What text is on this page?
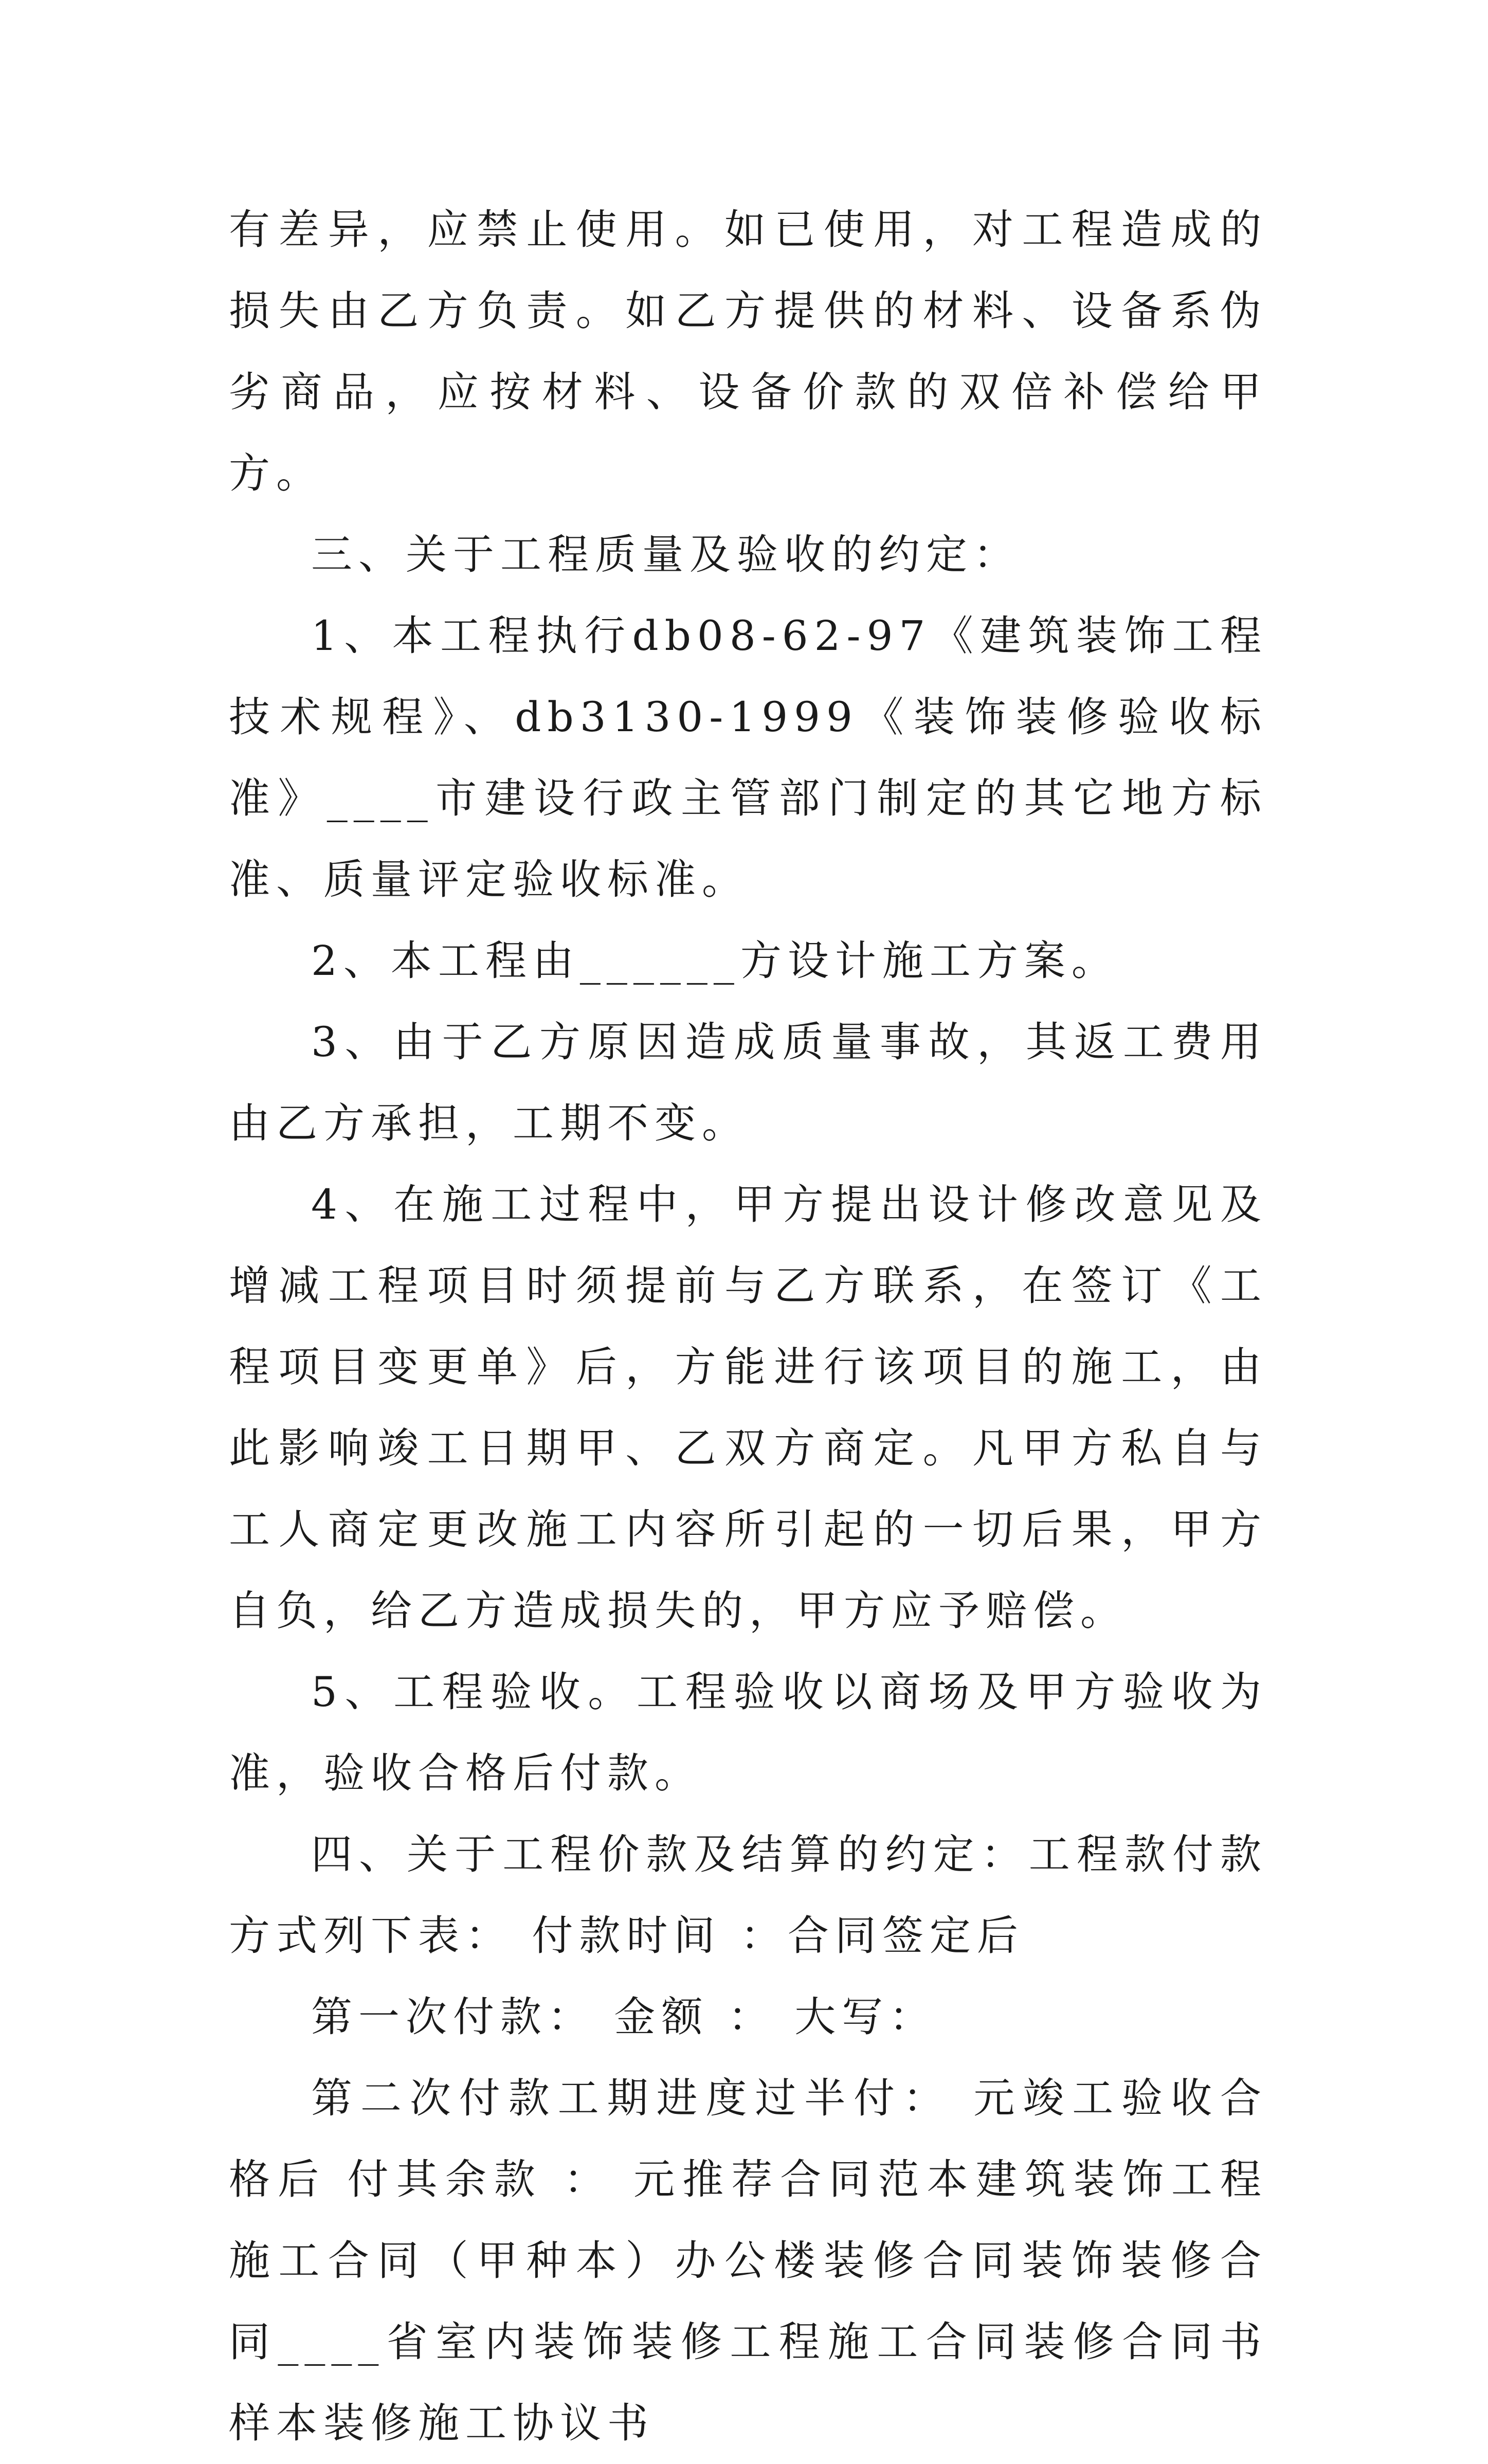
有差异，应禁止使用。如已使用，对工程造成的损失由乙方负责。如乙方提供的材料、设备系伪劣商品，应按材料、设备价款的双倍补偿给甲方。

三、关于工程质量及验收的约定：

1、本工程执行db08-62-97《建筑装饰工程技术规程》、db3130-1999《装饰装修验收标准》____市建设行政主管部门制定的其它地方标准、质量评定验收标准。

2、本工程由______方设计施工方案。

3、由于乙方原因造成质量事故，其返工费用由乙方承担，工期不变。

4、在施工过程中，甲方提出设计修改意见及增减工程项目时须提前与乙方联系，在签订《工程项目变更单》后，方能进行该项目的施工，由此影响竣工日期甲、乙双方商定。凡甲方私自与工人商定更改施工内容所引起的一切后果，甲方自负，给乙方造成损失的，甲方应予赔偿。

5、工程验收。工程验收以商场及甲方验收为准，验收合格后付款。

四、关于工程价款及结算的约定：工程款付款方式列下表： 付款时间 ：合同签定后

第一次付款： 金额 ： 大写：

第二次付款工期进度过半付： 元竣工验收合格后 付其余款 ： 元推荐合同范本建筑装饰工程施工合同（甲种本）办公楼装修合同装饰装修合同____省室内装饰装修工程施工合同装修合同书样本装修施工协议书
